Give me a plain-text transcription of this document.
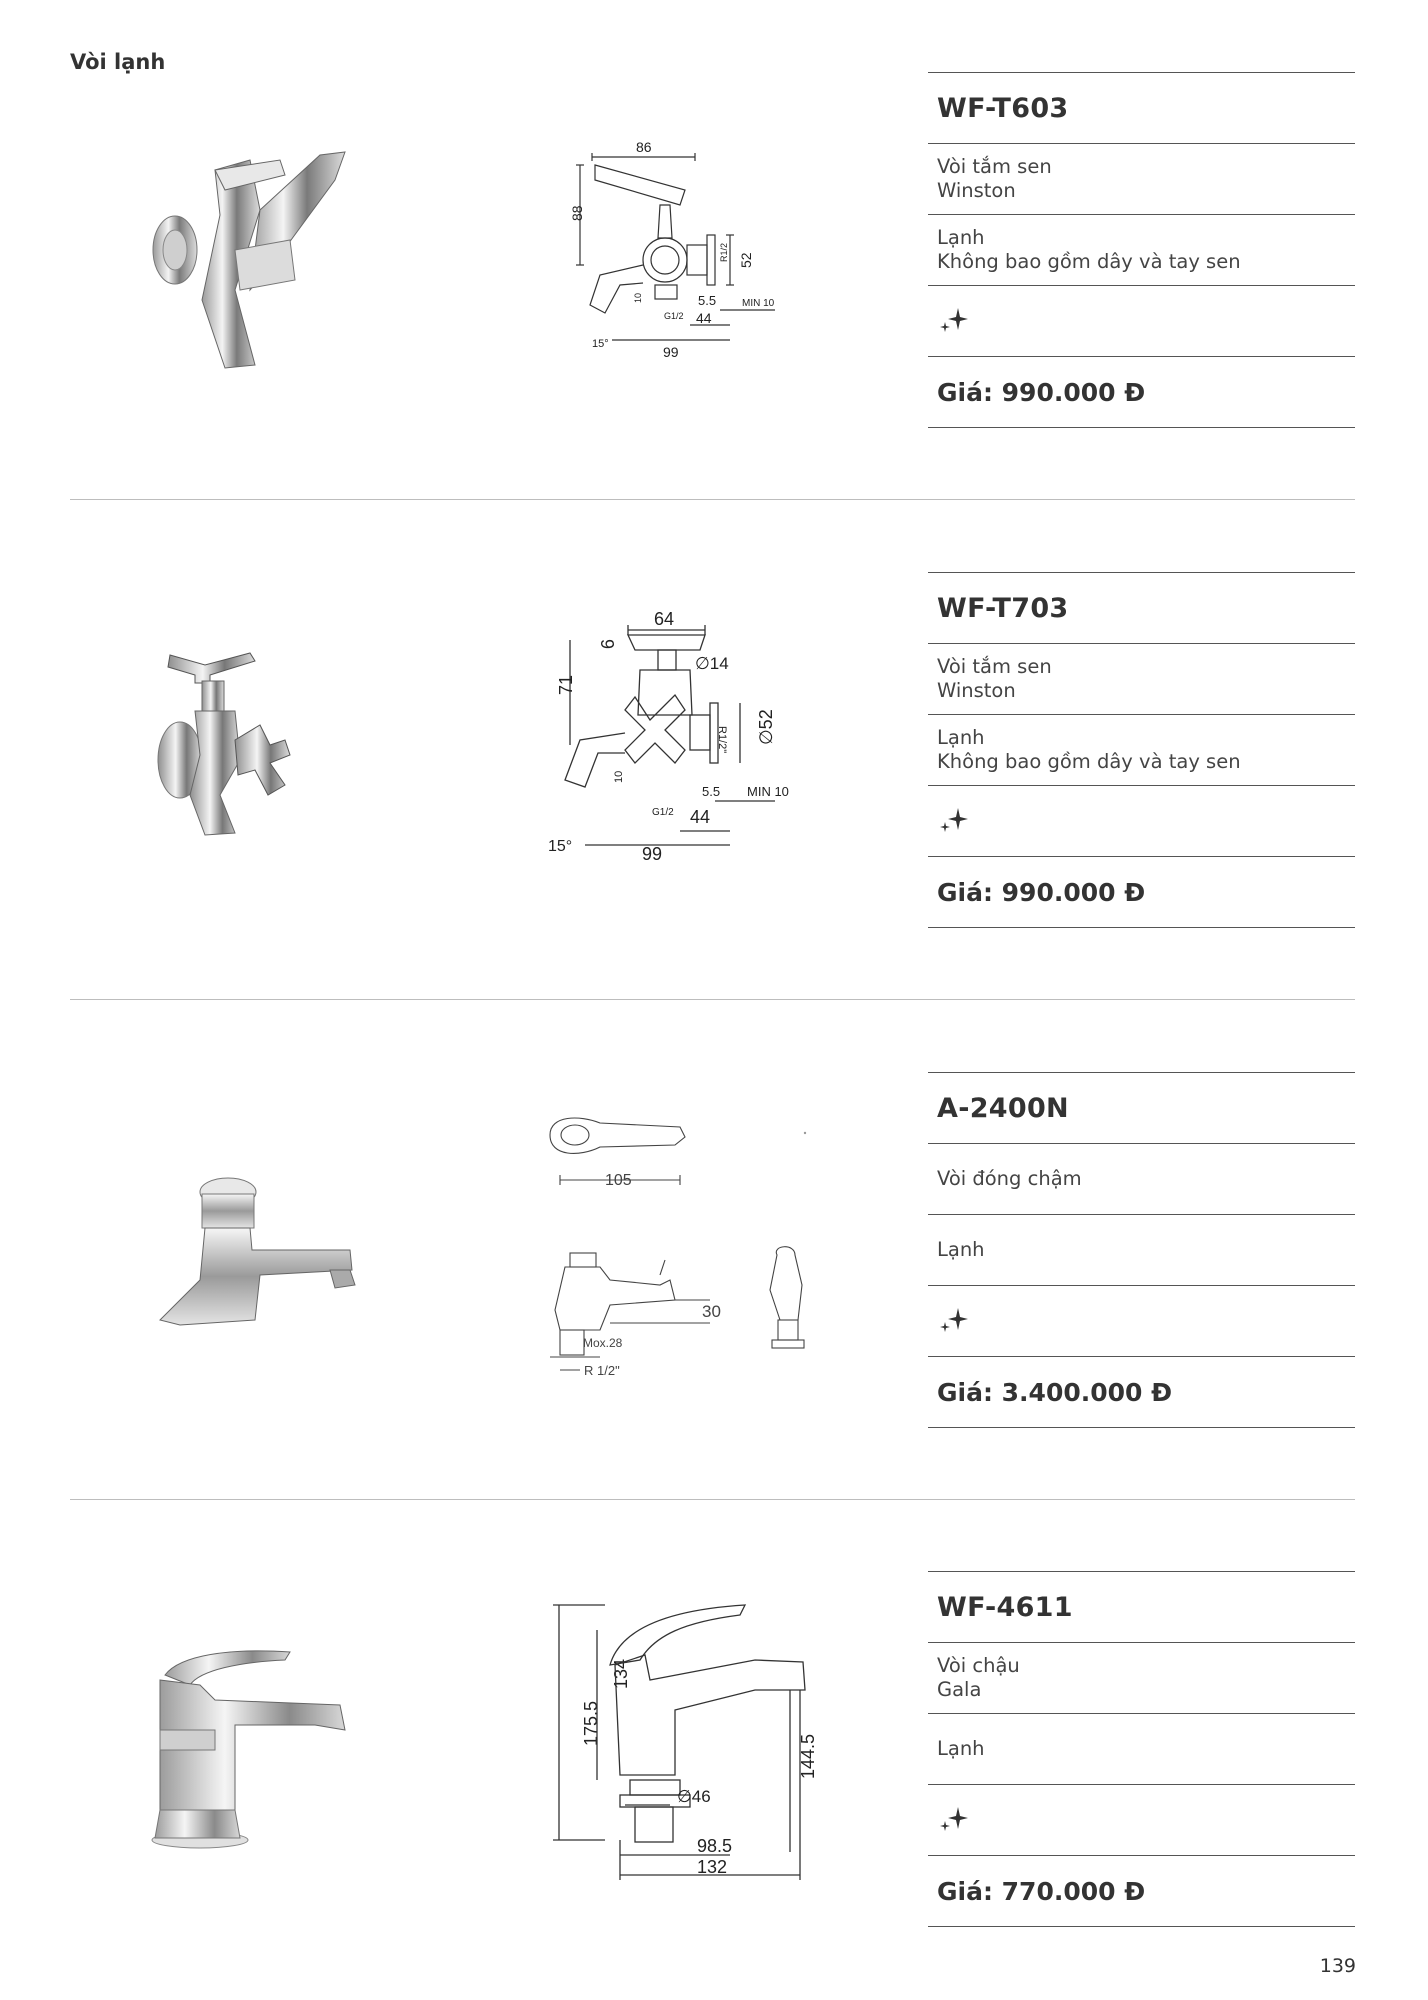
Vòi lạnh
86
88
52
R1/2
10	5.5	MIN 10
G1/2 44
15°	99
WF-T603
Vòi tắm sen
Winston
Lạnh
Không bao gồm dây và tay sen
Giá: 990.000 Đ
64
9
∅14
71
R1/2" ∅52
10
5.5 MIN 10
G1/2 44
15°	99
WF-T703
Vòi tắm sen
Winston
Lạnh
Không bao gồm dây và tay sen
Giá: 990.000 Đ
105
30
Mox.28
R 1/2"
A-2400N
Vòi đóng chậm
Lạnh
Giá: 3.400.000 Đ
175.5
134
∅46
144.5
98.5
132
WF-4611
Vòi chậu
Gala
Lạnh
Giá: 770.000 Đ
139
